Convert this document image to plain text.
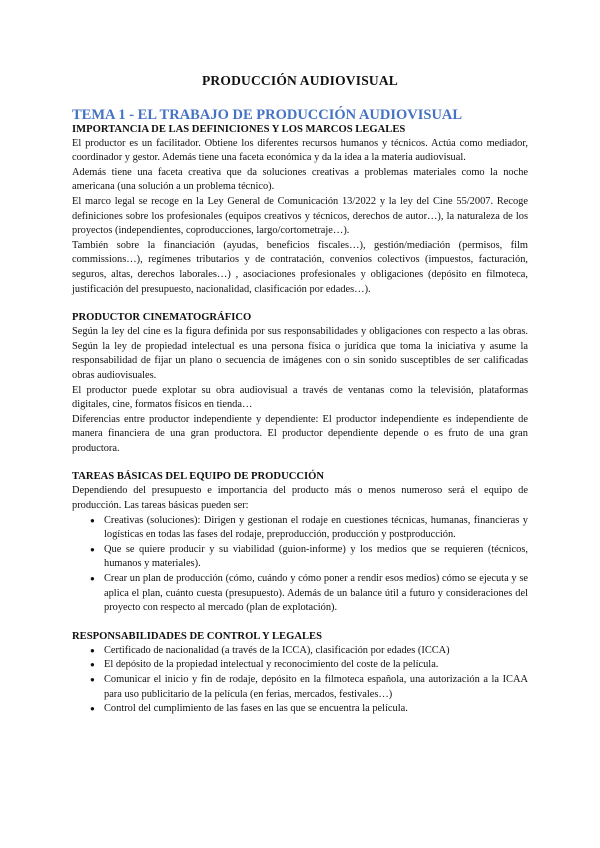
PRODUCCIÓN AUDIOVISUAL
TEMA 1 - EL TRABAJO DE PRODUCCIÓN AUDIOVISUAL
IMPORTANCIA DE LAS DEFINICIONES Y LOS MARCOS LEGALES

El productor es un facilitador. Obtiene los diferentes recursos humanos y técnicos. Actúa como mediador, coordinador y gestor. Además tiene una faceta económica y da la idea a la materia audiovisual.

Además tiene una faceta creativa que da soluciones creativas a problemas materiales como la noche americana (una solución a un problema técnico).

El marco legal se recoge en la Ley General de Comunicación 13/2022 y la ley del Cine 55/2007. Recoge definiciones sobre los profesionales (equipos creativos y técnicos, derechos de autor…), la naturaleza de los proyectos (independientes, coproducciones, largo/cortometraje…).

También sobre la financiación (ayudas, beneficios fiscales…), gestión/mediación (permisos, film commissions…), regímenes tributarios y de contratación, convenios colectivos (impuestos, facturación, seguros, altas, derechos laborales…) , asociaciones profesionales y obligaciones (depósito en filmoteca, justificación del presupuesto, nacionalidad, clasificación por edades…).

PRODUCTOR CINEMATOGRÁFICO

Según la ley del cine es la figura definida por sus responsabilidades y obligaciones con respecto a las obras. Según la ley de propiedad intelectual es una persona física o jurídica que toma la iniciativa y asume la responsabilidad de fijar un plano o secuencia de imágenes con o sin sonido susceptibles de ser calificadas obras audiovisuales.

El productor puede explotar su obra audiovisual a través de ventanas como la televisión, plataformas digitales, cine, formatos físicos en tienda…

Diferencias entre productor independiente y dependiente: El productor independiente es independiente de manera financiera de una gran productora. El productor dependiente depende o es fruto de una gran productora.

TAREAS BÁSICAS DEL EQUIPO DE PRODUCCIÓN

Dependiendo del presupuesto e importancia del producto más o menos numeroso será el equipo de producción. Las tareas básicas pueden ser:

● Creativas (soluciones): Dirigen y gestionan el rodaje en cuestiones técnicas, humanas, financieras y logísticas en todas las fases del rodaje, preproducción, producción y postproducción.
● Que se quiere producir y su viabilidad (guion-informe) y los medios que se requieren (técnicos, humanos y materiales).
● Crear un plan de producción (cómo, cuándo y cómo poner a rendir esos medios) cómo se ejecuta y se aplica el plan, cuánto cuesta (presupuesto). Además de un balance útil a futuro y consideraciones del proyecto con respecto al mercado (plan de explotación).
RESPONSABILIDADES DE CONTROL Y LEGALES
● Certificado de nacionalidad (a través de la ICCA), clasificación por edades (ICCA)
● El depósito de la propiedad intelectual y reconocimiento del coste de la película.
● Comunicar el inicio y fin de rodaje, depósito en la filmoteca española, una autorización a la ICAA para uso publicitario de la película (en ferias, mercados, festivales…)
● Control del cumplimiento de las fases en las que se encuentra la película.
